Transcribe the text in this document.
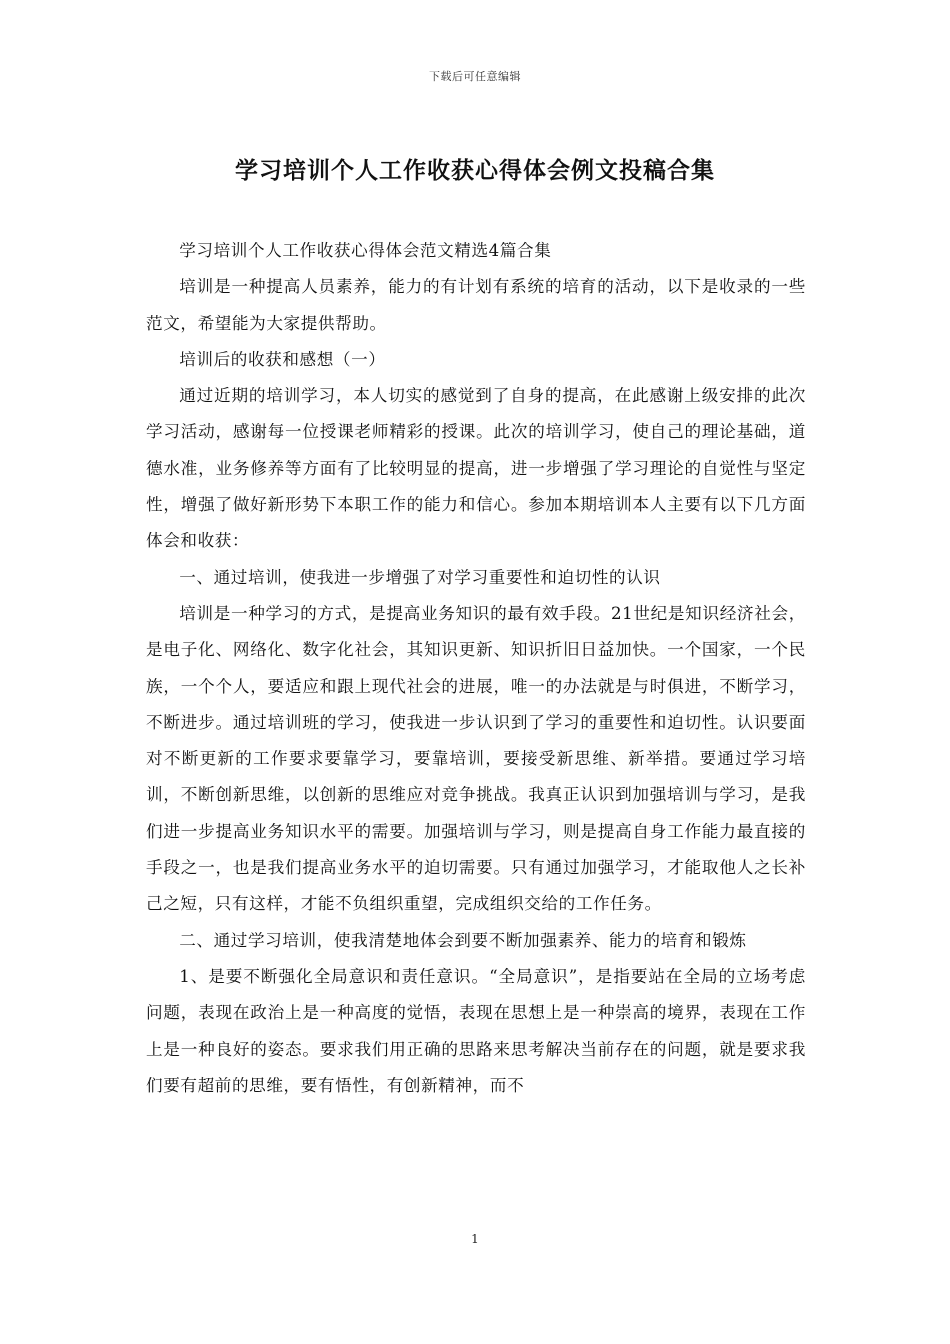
下载后可任意编辑
学习培训个人工作收获心得体会例文投稿合集

学习培训个人工作收获心得体会范文精选4篇合集

培训是一种提高人员素养，能力的有计划有系统的培育的活动，以下是收录的一些范文，希望能为大家提供帮助。

培训后的收获和感想（一）

通过近期的培训学习，本人切实的感觉到了自身的提高，在此感谢上级安排的此次学习活动，感谢每一位授课老师精彩的授课。此次的培训学习，使自己的理论基础，道德水准，业务修养等方面有了比较明显的提高，进一步增强了学习理论的自觉性与坚定性，增强了做好新形势下本职工作的能力和信心。参加本期培训本人主要有以下几方面体会和收获：

一、通过培训，使我进一步增强了对学习重要性和迫切性的认识

培训是一种学习的方式，是提高业务知识的最有效手段。21世纪是知识经济社会，是电子化、网络化、数字化社会，其知识更新、知识折旧日益加快。一个国家，一个民族，一个个人，要适应和跟上现代社会的进展，唯一的办法就是与时俱进，不断学习，不断进步。通过培训班的学习，使我进一步认识到了学习的重要性和迫切性。认识要面对不断更新的工作要求要靠学习，要靠培训，要接受新思维、新举措。要通过学习培训，不断创新思维，以创新的思维应对竞争挑战。我真正认识到加强培训与学习，是我们进一步提高业务知识水平的需要。加强培训与学习，则是提高自身工作能力最直接的手段之一，也是我们提高业务水平的迫切需要。只有通过加强学习，才能取他人之长补己之短，只有这样，才能不负组织重望，完成组织交给的工作任务。

二、通过学习培训，使我清楚地体会到要不断加强素养、能力的培育和锻炼

1、是要不断强化全局意识和责任意识。“全局意识”，是指要站在全局的立场考虑问题，表现在政治上是一种高度的觉悟，表现在思想上是一种崇高的境界，表现在工作上是一种良好的姿态。要求我们用正确的思路来思考解决当前存在的问题，就是要求我们要有超前的思维，要有悟性，有创新精神，而不

1
